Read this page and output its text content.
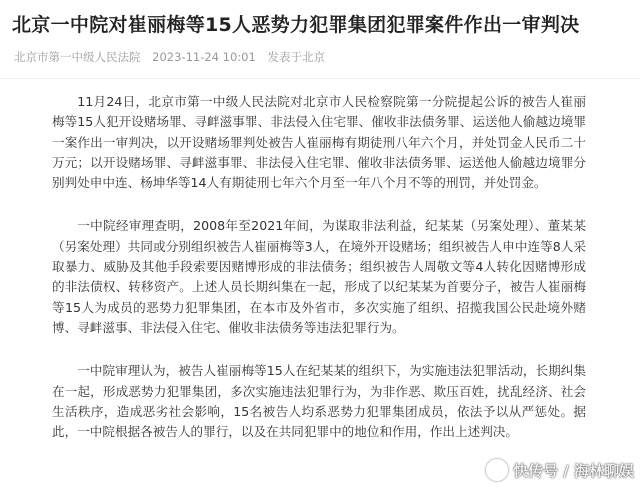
北京一中院对崔丽梅等15人恶势力犯罪集团犯罪案件作出一审判决
北京市第一中级人民法院 2023-11-24 10:01 发表于北京

11月24日，北京市第一中级人民法院对北京市人民检察院第一分院提起公诉的被告人崔丽梅等15人犯开设赌场罪、寻衅滋事罪、非法侵入住宅罪、催收非法债务罪、运送他人偷越边境罪一案作出一审判决，以开设赌场罪判处被告人崔丽梅有期徒刑八年六个月，并处罚金人民币二十万元；以开设赌场罪、寻衅滋事罪、非法侵入住宅罪、催收非法债务罪、运送他人偷越边境罪分别判处申中连、杨坤华等14人有期徒刑七年六个月至一年八个月不等的刑罚，并处罚金。

一中院经审理查明，2008年至2021年间，为谋取非法利益，纪某某（另案处理）、董某某（另案处理）共同或分别组织被告人崔丽梅等3人，在境外开设赌场；组织被告人申中连等8人采取暴力、威胁及其他手段索要因赌博形成的非法债务；组织被告人周敬文等4人转化因赌博形成的非法债权、转移资产。上述人员长期纠集在一起，形成了以纪某某为首要分子，被告人崔丽梅等15人为成员的恶势力犯罪集团，在本市及外省市，多次实施了组织、招揽我国公民赴境外赌博、寻衅滋事、非法侵入住宅、催收非法债务等违法犯罪行为。

一中院审理认为，被告人崔丽梅等15人在纪某某的组织下，为实施违法犯罪活动，长期纠集在一起，形成恶势力犯罪集团，多次实施违法犯罪行为，为非作恶、欺压百姓，扰乱经济、社会生活秩序，造成恶劣社会影响，15名被告人均系恶势力犯罪集团成员，依法予以从严惩处。据此，一中院根据各被告人的罪行，以及在共同犯罪中的地位和作用，作出上述判决。

快传号 / 海林聊娱
